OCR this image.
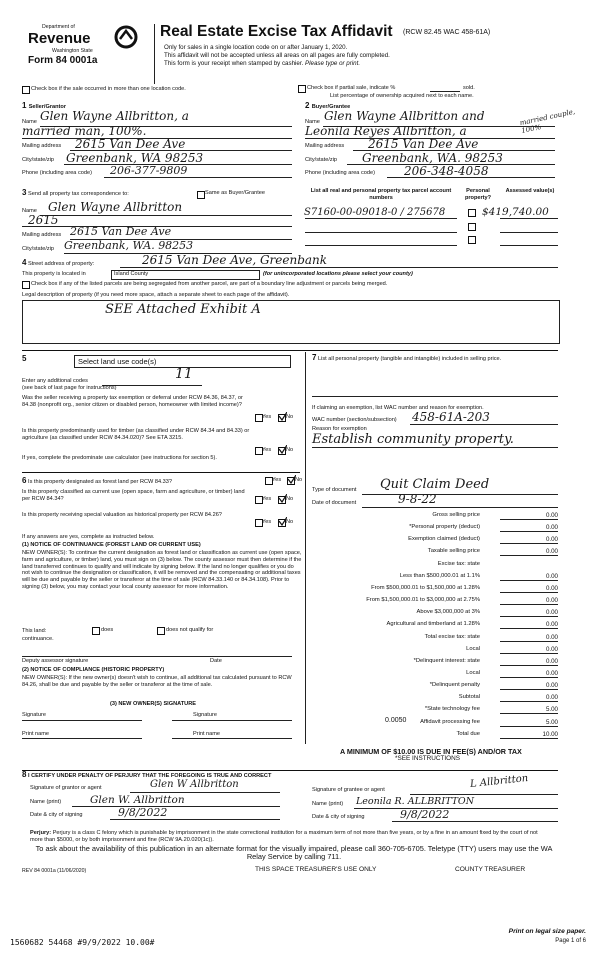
Department of
Revenue
Washington State
Form 84 0001a
Real Estate Excise Tax Affidavit (RCW 82.45 WAC 458-61A)
Only for sales in a single location code on or after January 1, 2020.
This affidavit will not be accepted unless all areas on all pages are fully completed.
This form is your receipt when stamped by cashier. Please type or print.
Check box if the sale occurred in more than one location code.	Check box if partial sale, indicate %	sold.
List percentage of ownership acquired next to each name.
1 Seller/Grantor
Name Glen Wayne Allbritton, a
married man, 100%.
Mailing address 2615 Van Dee Ave
City/state/zip Greenbank, WA 98253
Phone (including area code) 206-377-9809
2 Buyer/Grantee
Name Glen Wayne Allbritton and
Leonila Reyes Allbritton, a
married couple, 100%
Mailing address 2615 Van Dee Ave
City/state/zip Greenbank, WA. 98253
Phone (including area code) 206-348-4058
3 Send all property tax correspondence to:	Same as Buyer/Grantee
Name Glen Wayne Allbritton
2615
Mailing address 2615 Van Dee Ave
City/state/zip Greenbank, WA. 98253
List all real and personal property tax parcel account numbers
Personal property?
Assessed value(s)
S7160-00-09018-0 / 275678	$419,740.00
4 Street address of property:	2615 Van Dee Ave, Greenbank
This property is located in	Island County	(for unincorporated locations please select your county)
Check box if any of the listed parcels are being segregated from another parcel, are part of a boundary line adjustment or parcels being merged.
Legal description of property (if you need more space, attach a separate sheet to each page of the affidavit).
SEE Attached Exhibit A
5	Select land use code(s)
Enter any additional codes	11
(see back of last page for instructions)
Was the seller receiving a property tax exemption or deferral under RCW 84.36, 84.37, or 84.38 (nonprofit org., senior citizen or disabled person, homeowner with limited income)?
Yes	No
Is this property predominantly used for timber (as classified under RCW 84.34 and 84.33) or agriculture (as classified under RCW 84.34.020)? See ETA 3215.
Yes	No
If yes, complete the predominate use calculator (see instructions for section 5).
6 Is this property designated as forest land per RCW 84.33?	Yes No
Is this property classified as current use (open space, farm and agriculture, or timber) land per RCW 84.34?	Yes	No
Is this property receiving special valuation as historical property per RCW 84.26?
Yes	No
If any answers are yes, complete as instructed below.
(1) NOTICE OF CONTINUANCE (FOREST LAND OR CURRENT USE)
NEW OWNER(S): To continue the current designation as forest land or classification as current use (open space, farm and agriculture, or timber) land, you must sign on (3) below. The county assessor must then determine if the land transferred continues to qualify and will indicate by signing below. If the land no longer qualifies or you do not wish to continue the designation or classification, it will be removed and the compensating or additional taxes will be due and payable by the seller or transferor at the time of sale (RCW 84.33.140 or 84.34.108). Prior to signing (3) below, you may contact your local county assessor for more information.
This land:
continuance.
does	does not qualify for
Deputy assessor signature	Date
(2) NOTICE OF COMPLIANCE (HISTORIC PROPERTY)
NEW OWNER(S): If the new owner(s) doesn't wish to continue, all additional tax calculated pursuant to RCW 84.26, shall be due and payable by the seller or transferor at the time of sale.
(3) NEW OWNER(S) SIGNATURE
Signature	Signature
Print name	Print name
7 List all personal property (tangible and intangible) included in selling price.
If claiming an exemption, list WAC number and reason for exemption.
WAC number (section/subsection) 458-61A-203
Reason for exemption
Establish community property.
Type of document Quit Claim Deed
Date of document	9-8-22
Gross selling price	0.00
*Personal property (deduct)	0.00
Exemption claimed (deduct)	0.00
Taxable selling price	0.00
Excise tax: state
Less than $500,000.01 at 1.1%	0.00
From $500,000.01 to $1,500,000 at 1.28%	0.00
From $1,500,000.01 to $3,000,000 at 2.75%	0.00
Above $3,000,000 at 3%	0.00
Agricultural and timberland at 1.28%	0.00
Total excise tax: state	0.00
Local	0.00
*Delinquent interest: state	0.00
Local	0.00
*Delinquent penalty	0.00
Subtotal	0.00
*State technology fee	5.00
Affidavit processing fee	5.00
Total due	10.00
0.0050
A MINIMUM OF $10.00 IS DUE IN FEE(S) AND/OR TAX
*SEE INSTRUCTIONS
8 I CERTIFY UNDER PENALTY OF PERJURY THAT THE FOREGOING IS TRUE AND CORRECT
Signature of grantor or agent	Glen W Allbritton
Name (print)	Glen W. Allbritton
Date & city of signing	9/8/2022
Signature of grantee or agent	L Allbritton
Name (print) Leonila R. ALLBRITTON
Date & city of signing	9/8/2022
Perjury: Perjury is a class C felony which is punishable by imprisonment in the state correctional institution for a maximum term of not more than five years, or by a fine in an amount fixed by the court of not more than $5000, or by both imprisonment and fine (RCW 9A.20.020(1c)).
To ask about the availability of this publication in an alternate format for the visually impaired, please call 360-705-6705. Teletype (TTY) users may use the WA Relay Service by calling 711.
REV 84 0001a (11/06/2020)	THIS SPACE TREASURER'S USE ONLY	COUNTY TREASURER
Print on legal size paper.
Page 1 of 6
1560682 54468 #9/9/2022 10.00#
